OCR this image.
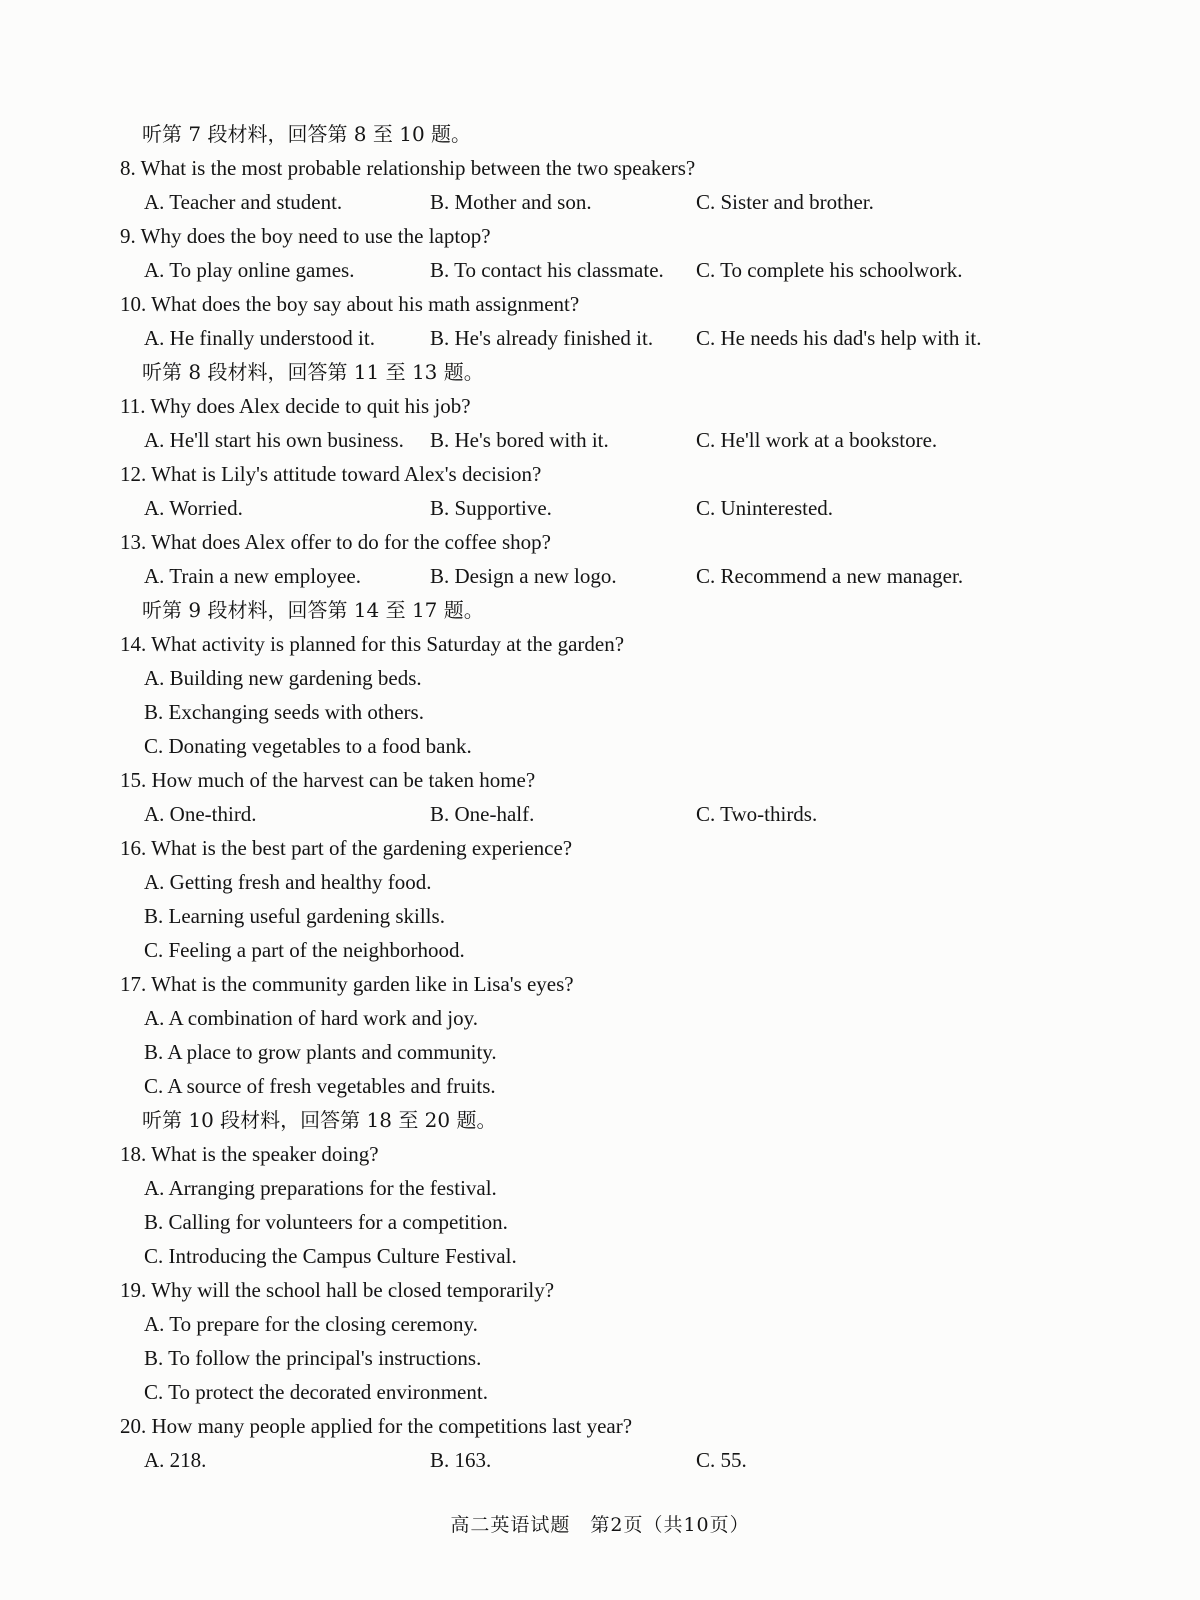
听第 7 段材料，回答第 8 至 10 题。
8. What is the most probable relationship between the two speakers?
A. Teacher and student.	B. Mother and son.	C. Sister and brother.
9. Why does the boy need to use the laptop?
A. To play online games.	B. To contact his classmate. C. To complete his schoolwork.
10. What does the boy say about his math assignment?
A. He finally understood it.	B. He's already finished it. C. He needs his dad's help with it.
听第 8 段材料，回答第 11 至 13 题。
11. Why does Alex decide to quit his job?
A. He'll start his own business. B. He's bored with it.	C. He'll work at a bookstore.
12. What is Lily's attitude toward Alex's decision?
A. Worried.	B. Supportive.	C. Uninterested.
13. What does Alex offer to do for the coffee shop?
A. Train a new employee.	B. Design a new logo.	C. Recommend a new manager.
听第 9 段材料，回答第 14 至 17 题。
14. What activity is planned for this Saturday at the garden?
A. Building new gardening beds.
B. Exchanging seeds with others.
C. Donating vegetables to a food bank.
15. How much of the harvest can be taken home?
A. One-third.	B. One-half.	C. Two-thirds.
16. What is the best part of the gardening experience?
A. Getting fresh and healthy food.
B. Learning useful gardening skills.
C. Feeling a part of the neighborhood.
17. What is the community garden like in Lisa's eyes?
A. A combination of hard work and joy.
B. A place to grow plants and community.
C. A source of fresh vegetables and fruits.
听第 10 段材料，回答第 18 至 20 题。
18. What is the speaker doing?
A. Arranging preparations for the festival.
B. Calling for volunteers for a competition.
C. Introducing the Campus Culture Festival.
19. Why will the school hall be closed temporarily?
A. To prepare for the closing ceremony.
B. To follow the principal's instructions.
C. To protect the decorated environment.
20. How many people applied for the competitions last year?
A. 218.	B. 163.	C. 55.
高二英语试题　第2页（共10页）
